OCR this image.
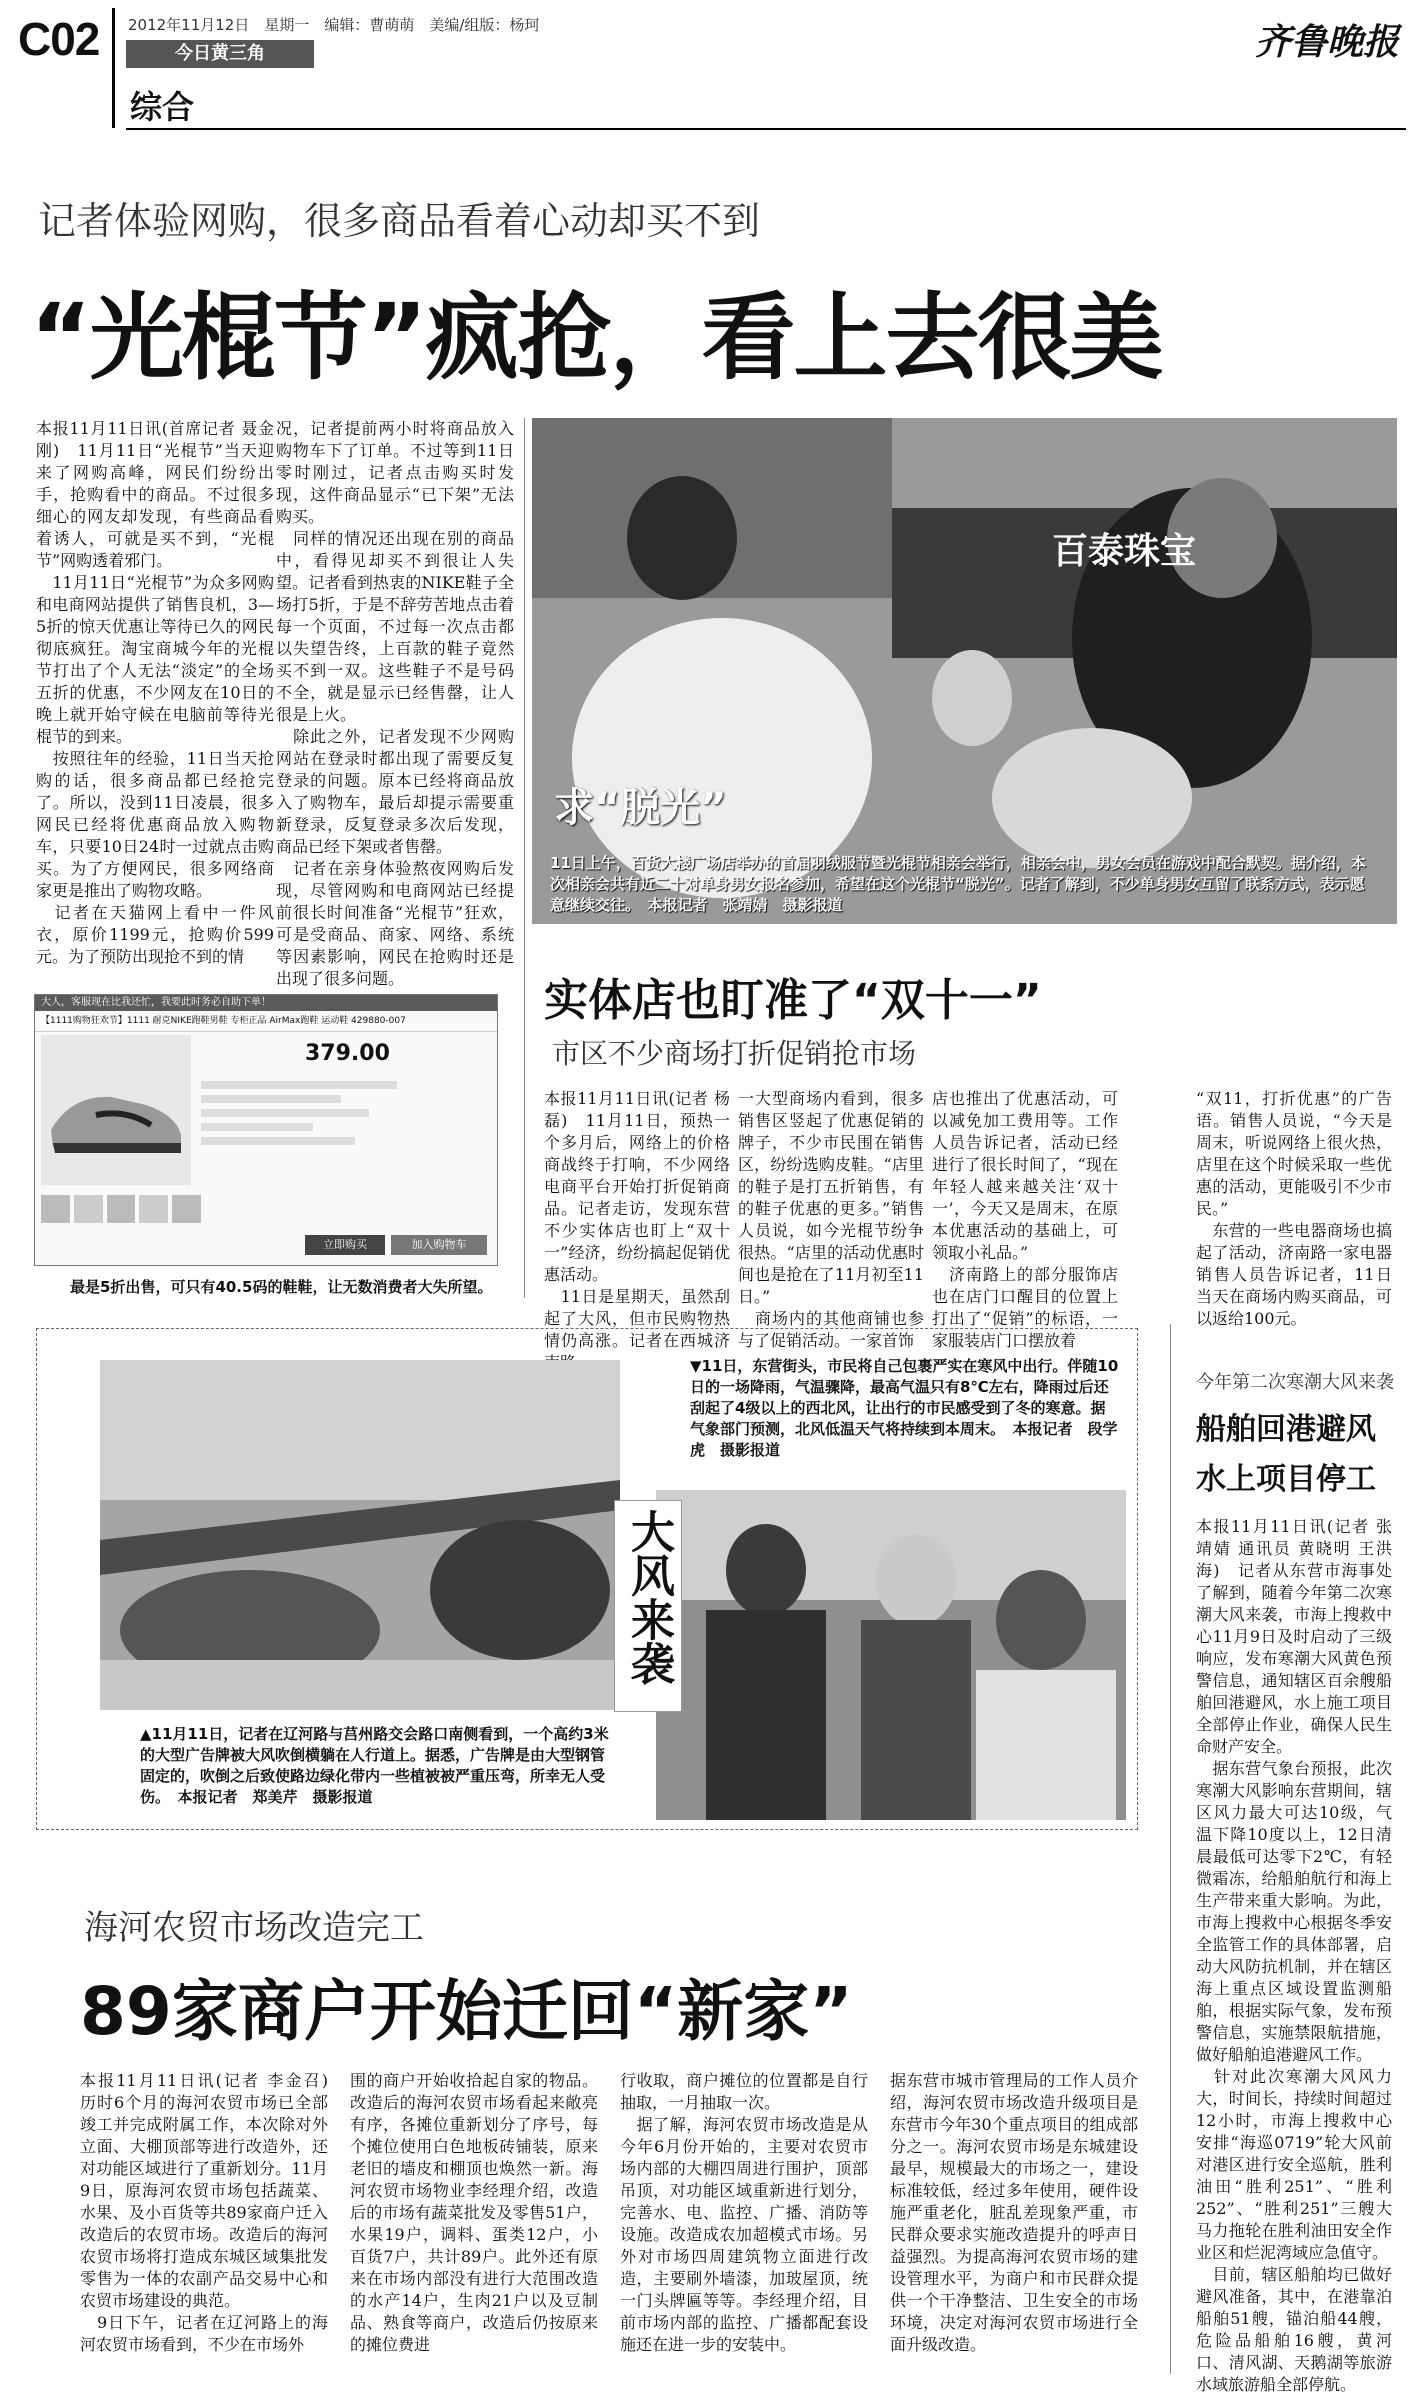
C02 2012年11月12日　星期一　编辑：曹萌萌　美编/组版：杨珂
今日黄三角
综合
齐鲁晚报
记者体验网购，很多商品看着心动却买不到
“光棍节”疯抢，看上去很美
本报11月11日讯(首席记者 聂金刚)　11月11日“光棍节”当天迎来了网购高峰，网民们纷纷出手，抢购看中的商品。不过很多细心的网友却发现，有些商品看着诱人，可就是买不到，“光棍节”网购透着邪门。
　11月11日“光棍节”为众多网购和电商网站提供了销售良机，3—5折的惊天优惠让等待已久的网民彻底疯狂。淘宝商城今年的光棍节打出了个人无法“淡定”的全场五折的优惠，不少网友在10日的晚上就开始守候在电脑前等待光棍节的到来。
　按照往年的经验，11日当天抢购的话，很多商品都已经抢完了。所以，没到11日凌晨，很多网民已经将优惠商品放入购物车，只要10日24时一过就点击购买。为了方便网民，很多网络商家更是推出了购物攻略。
　记者在天猫网上看中一件风衣，原价1199元，抢购价599元。为了预防出现抢不到的情
况，记者提前两小时将商品放入购物车下了订单。不过等到11日零时刚过，记者点击购买时发现，这件商品显示“已下架”无法购买。
　同样的情况还出现在别的商品中，看得见却买不到很让人失望。记者看到热衷的NIKE鞋子全场打5折，于是不辞劳苦地点击着每一个页面，不过每一次点击都以失望告终，上百款的鞋子竟然买不到一双。这些鞋子不是号码不全，就是显示已经售罄，让人很是上火。
　除此之外，记者发现不少网购网站在登录时都出现了需要反复登录的问题。原本已经将商品放入了购物车，最后却提示需要重新登录，反复登录多次后发现，商品已经下架或者售罄。
　记者在亲身体验熬夜网购后发现，尽管网购和电商网站已经提前很长时间准备“光棍节”狂欢，可是受商品、商家、网络、系统等因素影响，网民在抢购时还是出现了很多问题。
大人，客服现在比我还忙，我要此时务必自助下单！
【1111购物狂欢节】1111 耐克NIKE跑鞋男鞋 专柜正品 AirMax跑鞋 运动鞋 429880-007
379.00
立即购买	加入购物车
最是5折出售，可只有40.5码的鞋鞋，让无数消费者大失所望。
百泰珠宝
求“脱光”
11日上午，百货大楼广场店举办的首届羽绒服节暨光棍节相亲会举行，相亲会中，男女会员在游戏中配合默契。据介绍，本次相亲会共有近二十对单身男女报名参加，希望在这个光棍节“脱光”。记者了解到，不少单身男女互留了联系方式，表示愿意继续交往。　本报记者　张靖婧　摄影报道
实体店也盯准了“双十一”
市区不少商场打折促销抢市场
本报11月11日讯(记者 杨磊)　11月11日，预热一个多月后，网络上的价格商战终于打响，不少网络电商平台开始打折促销商品。记者走访，发现东营不少实体店也盯上“双十一”经济，纷纷搞起促销优惠活动。
　11日是星期天，虽然刮起了大风，但市民购物热情仍高涨。记者在西城济
一大型商场内看到，很多销售区竖起了优惠促销的牌子，不少市民围在销售区，纷纷选购皮鞋。“店里的鞋子是打五折销售，有的鞋子优惠的更多。”销售人员说，如今光棍节纷争很热。“店里的活动优惠时间也是抢在了11月初至11日。”
　商场内的其他商铺也参与了促销活动。一家首饰
店也推出了优惠活动，可以减免加工费用等。工作人员告诉记者，活动已经进行了很长时间了，“现在年轻人越来越关注‘双十一’，今天又是周末，在原本优惠活动的基础上，可领取小礼品。”
　济南路上的部分服饰店也在店门口醒目的位置上打出了“促销”的标语，一家服装店门口摆放着
“双11，打折优惠”的广告语。销售人员说，“今天是周末，听说网络上很火热，店里在这个时候采取一些优惠的活动，更能吸引不少市民。”
　东营的一些电器商场也搞起了活动，济南路一家电器销售人员告诉记者，11日当天在商场内购买商品，可以返给100元。
▲11月11日，记者在辽河路与莒州路交会路口南侧看到，一个高约3米的大型广告牌被大风吹倒横躺在人行道上。据悉，广告牌是由大型钢管固定的，吹倒之后致使路边绿化带内一些植被被严重压弯，所幸无人受伤。　本报记者　郑美芹　摄影报道
▼11日，东营街头，市民将自己包裹严实在寒风中出行。伴随10日的一场降雨，气温骤降，最高气温只有8℃左右，降雨过后还刮起了4级以上的西北风，让出行的市民感受到了冬的寒意。据气象部门预测，北风低温天气将持续到本周末。　本报记者　段学虎　摄影报道
大风来袭
今年第二次寒潮大风来袭
船舶回港避风
水上项目停工
本报11月11日讯(记者 张靖婧 通讯员 黄晓明 王洪海)　记者从东营市海事处了解到，随着今年第二次寒潮大风来袭，市海上搜救中心11月9日及时启动了三级响应，发布寒潮大风黄色预警信息，通知辖区百余艘船舶回港避风，水上施工项目全部停止作业，确保人民生命财产安全。
　据东营气象台预报，此次寒潮大风影响东营期间，辖区风力最大可达10级，气温下降10度以上，12日清晨最低可达零下2℃，有轻微霜冻，给船舶航行和海上生产带来重大影响。为此，市海上搜救中心根据冬季安全监管工作的具体部署，启动大风防抗机制，并在辖区海上重点区域设置监测船舶，根据实际气象，发布预警信息，实施禁限航措施，做好船舶追港避风工作。
　针对此次寒潮大风风力大，时间长，持续时间超过12小时，市海上搜救中心安排“海巡0719”轮大风前对港区进行安全巡航，胜利油田“胜利251”、“胜利252”、“胜利251”三艘大马力拖轮在胜利油田安全作业区和烂泥湾域应急值守。
　目前，辖区船舶均已做好避风准备，其中，在港靠泊船舶51艘，锚泊船44艘，危险品船舶16艘，黄河口、清风湖、天鹅湖等旅游水域旅游船全部停航。
海河农贸市场改造完工
89家商户开始迁回“新家”
本报11月11日讯(记者 李金召)　历时6个月的海河农贸市场已全部竣工并完成附属工作，本次除对外立面、大棚顶部等进行改造外，还对功能区域进行了重新划分。11月9日，原海河农贸市场包括蔬菜、水果、及小百货等共89家商户迁入改造后的农贸市场。改造后的海河农贸市场将打造成东城区域集批发零售为一体的农副产品交易中心和农贸市场建设的典范。
　9日下午，记者在辽河路上的海河农贸市场看到，不少在市场外
围的商户开始收拾起自家的物品。改造后的海河农贸市场看起来敞亮有序，各摊位重新划分了序号，每个摊位使用白色地板砖铺装，原来老旧的墙皮和棚顶也焕然一新。海河农贸市场物业李经理介绍，改造后的市场有蔬菜批发及零售51户，水果19户，调料、蛋类12户，小百货7户，共计89户。此外还有原来在市场内部没有进行大范围改造的水产14户，生肉21户以及豆制品、熟食等商户，改造后仍按原来的摊位费进
行收取，商户摊位的位置都是自行抽取，一月抽取一次。
　据了解，海河农贸市场改造是从今年6月份开始的，主要对农贸市场内部的大棚四周进行围护，顶部吊顶，对功能区域重新进行划分，完善水、电、监控、广播、消防等设施。改造成农加超模式市场。另外对市场四周建筑物立面进行改造，主要刷外墙漆，加玻屋顶，统一门头牌匾等等。李经理介绍，目前市场内部的监控、广播都配套设施还在进一步的安装中。
据东营市城市管理局的工作人员介绍，海河农贸市场改造升级项目是东营市今年30个重点项目的组成部分之一。海河农贸市场是东城建设最早，规模最大的市场之一，建设标准较低，经过多年使用，硬件设施严重老化，脏乱差现象严重，市民群众要求实施改造提升的呼声日益强烈。为提高海河农贸市场的建设管理水平，为商户和市民群众提供一个干净整洁、卫生安全的市场环境，决定对海河农贸市场进行全面升级改造。
